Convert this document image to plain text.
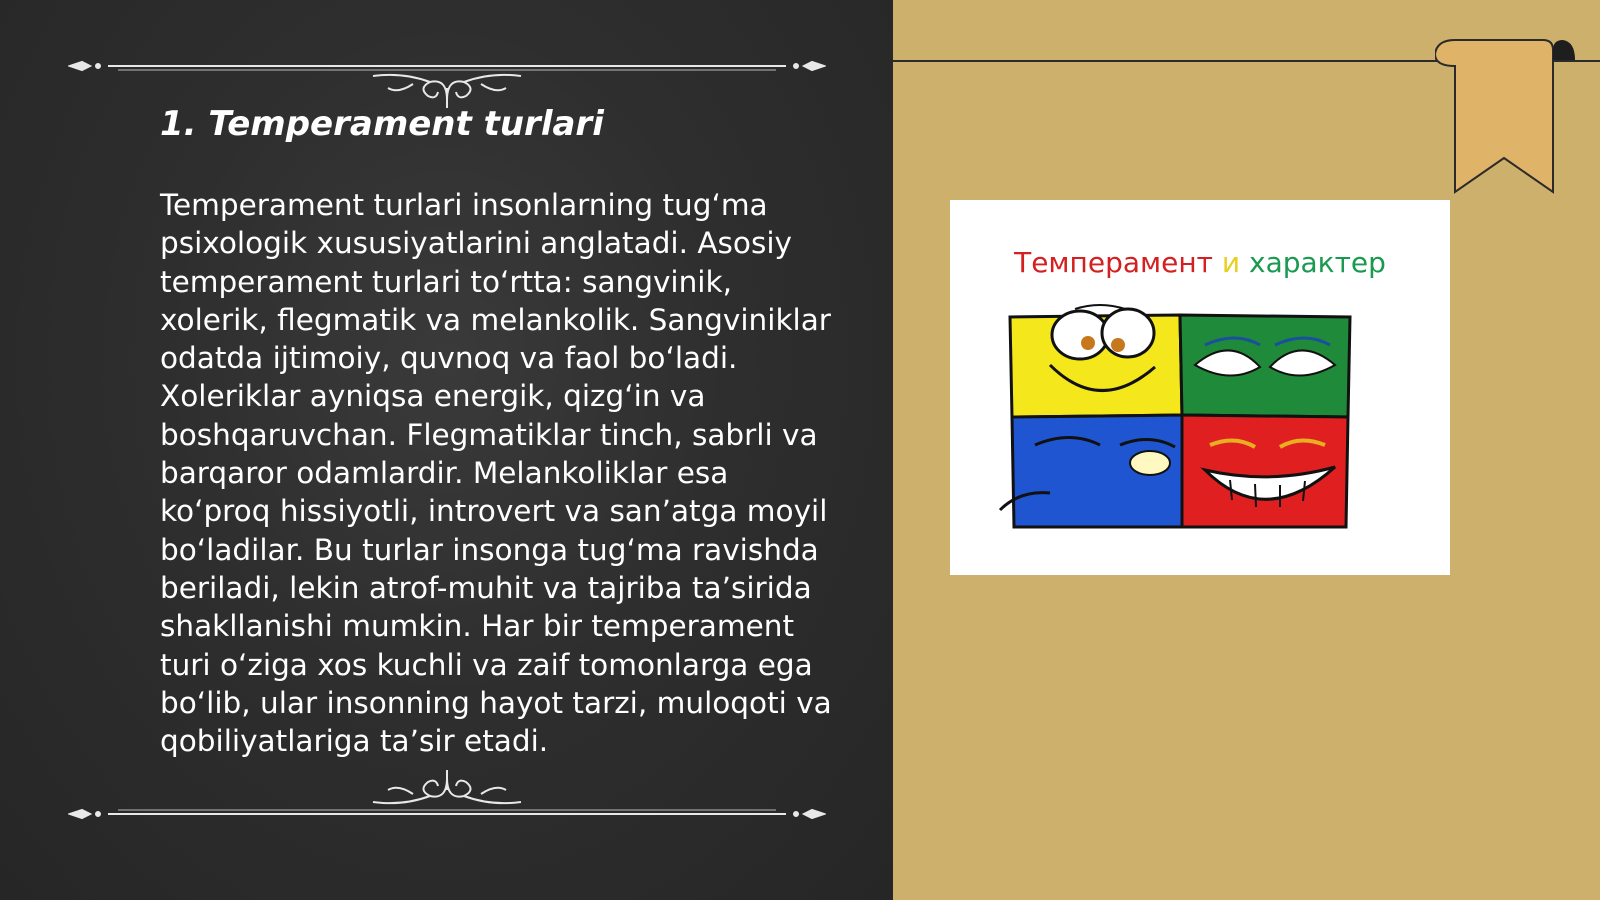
1. Temperament turlari

Temperament turlari insonlarning tug‘ma psixologik xususiyatlarini anglatadi. Asosiy temperament turlari to‘rtta: sangvinik, xolerik, flegmatik va melankolik. Sangviniklar odatda ijtimoiy, quvnoq va faol bo‘ladi. Xoleriklar ayniqsa energik, qizg‘in va boshqaruvchan. Flegmatiklar tinch, sabrli va barqaror odamlardir. Melankoliklar esa ko‘proq hissiyotli, introvert va san’atga moyil bo‘ladilar. Bu turlar insonga tug‘ma ravishda beriladi, lekin atrof-muhit va tajriba ta’sirida shakllanishi mumkin. Har bir temperament turi o‘ziga xos kuchli va zaif tomonlarga ega bo‘lib, ular insonning hayot tarzi, muloqoti va qobiliyatlariga ta’sir etadi.

Темперамент и характер
